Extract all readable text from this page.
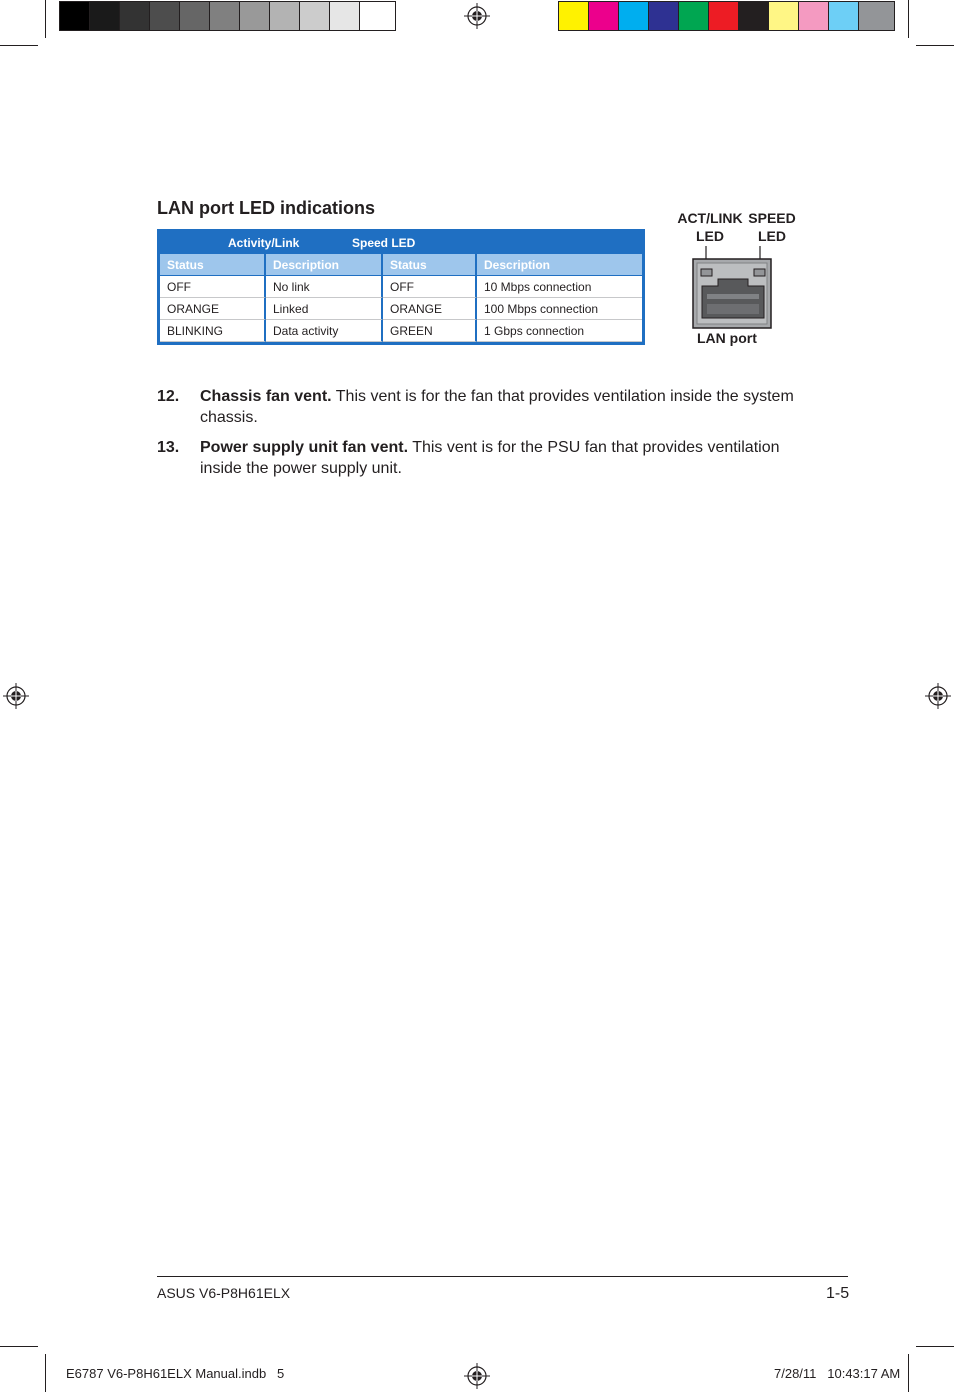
LAN port LED indications
Activity/Link	Speed LED
Status	Description	Status	Description
OFF	No link	OFF	10 Mbps connection
ORANGE	Linked	ORANGE	100 Mbps connection
BLINKING	Data activity	GREEN	1 Gbps connection
ACT/LINK
LED
SPEED
LED
LAN port
12. Chassis fan vent. This vent is for the fan that provides ventilation inside the system chassis.
13. Power supply unit fan vent. This vent is for the PSU fan that provides ventilation inside the power supply unit.
ASUS V6-P8H61ELX	1-5
E6787 V6-P8H61ELX Manual.indb   5	7/28/11   10:43:17 AM
